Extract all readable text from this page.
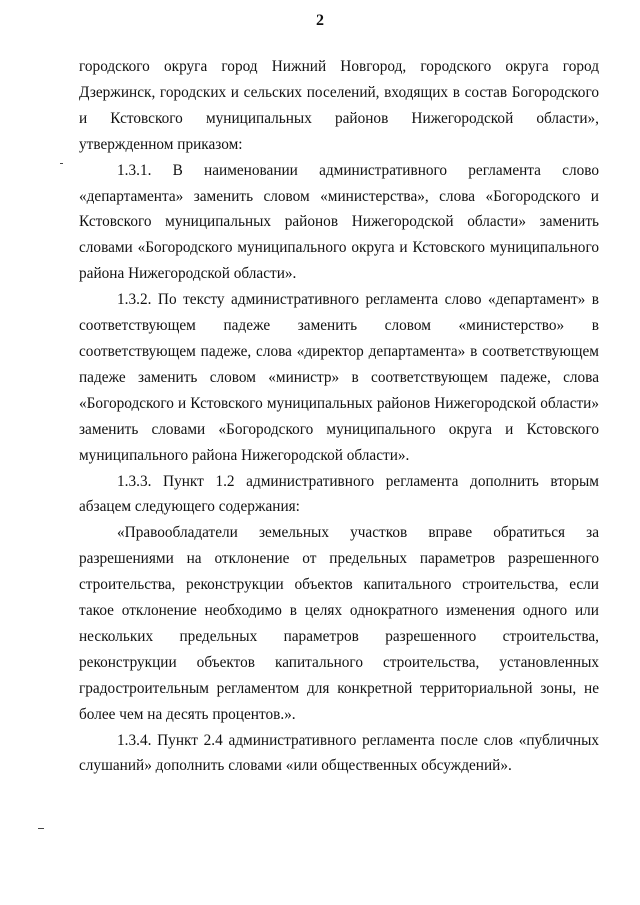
2

городского округа город Нижний Новгород, городского округа город Дзержинск, городских и сельских поселений, входящих в состав Богородского и Кстовского муниципальных районов Нижегородской области», утвержденном приказом:

1.3.1. В наименовании административного регламента слово «департамента» заменить словом «министерства», слова «Богородского и Кстовского муниципальных районов Нижегородской области» заменить словами «Богородского муниципального округа и Кстовского муниципального района Нижегородской области».

1.3.2. По тексту административного регламента слово «департамент» в соответствующем падеже заменить словом «министерство» в соответствующем падеже, слова «директор департамента» в соответствующем падеже заменить словом «министр» в соответствующем падеже, слова «Богородского и Кстовского муниципальных районов Нижегородской области» заменить словами «Богородского муниципального округа и Кстовского муниципального района Нижегородской области».

1.3.3. Пункт 1.2 административного регламента дополнить вторым абзацем следующего содержания:

«Правообладатели земельных участков вправе обратиться за разрешениями на отклонение от предельных параметров разрешенного строительства, реконструкции объектов капитального строительства, если такое отклонение необходимо в целях однократного изменения одного или нескольких предельных параметров разрешенного строительства, реконструкции объектов капитального строительства, установленных градостроительным регламентом для конкретной территориальной зоны, не более чем на десять процентов.».

1.3.4. Пункт 2.4 административного регламента после слов «публичных слушаний» дополнить словами «или общественных обсуждений».
